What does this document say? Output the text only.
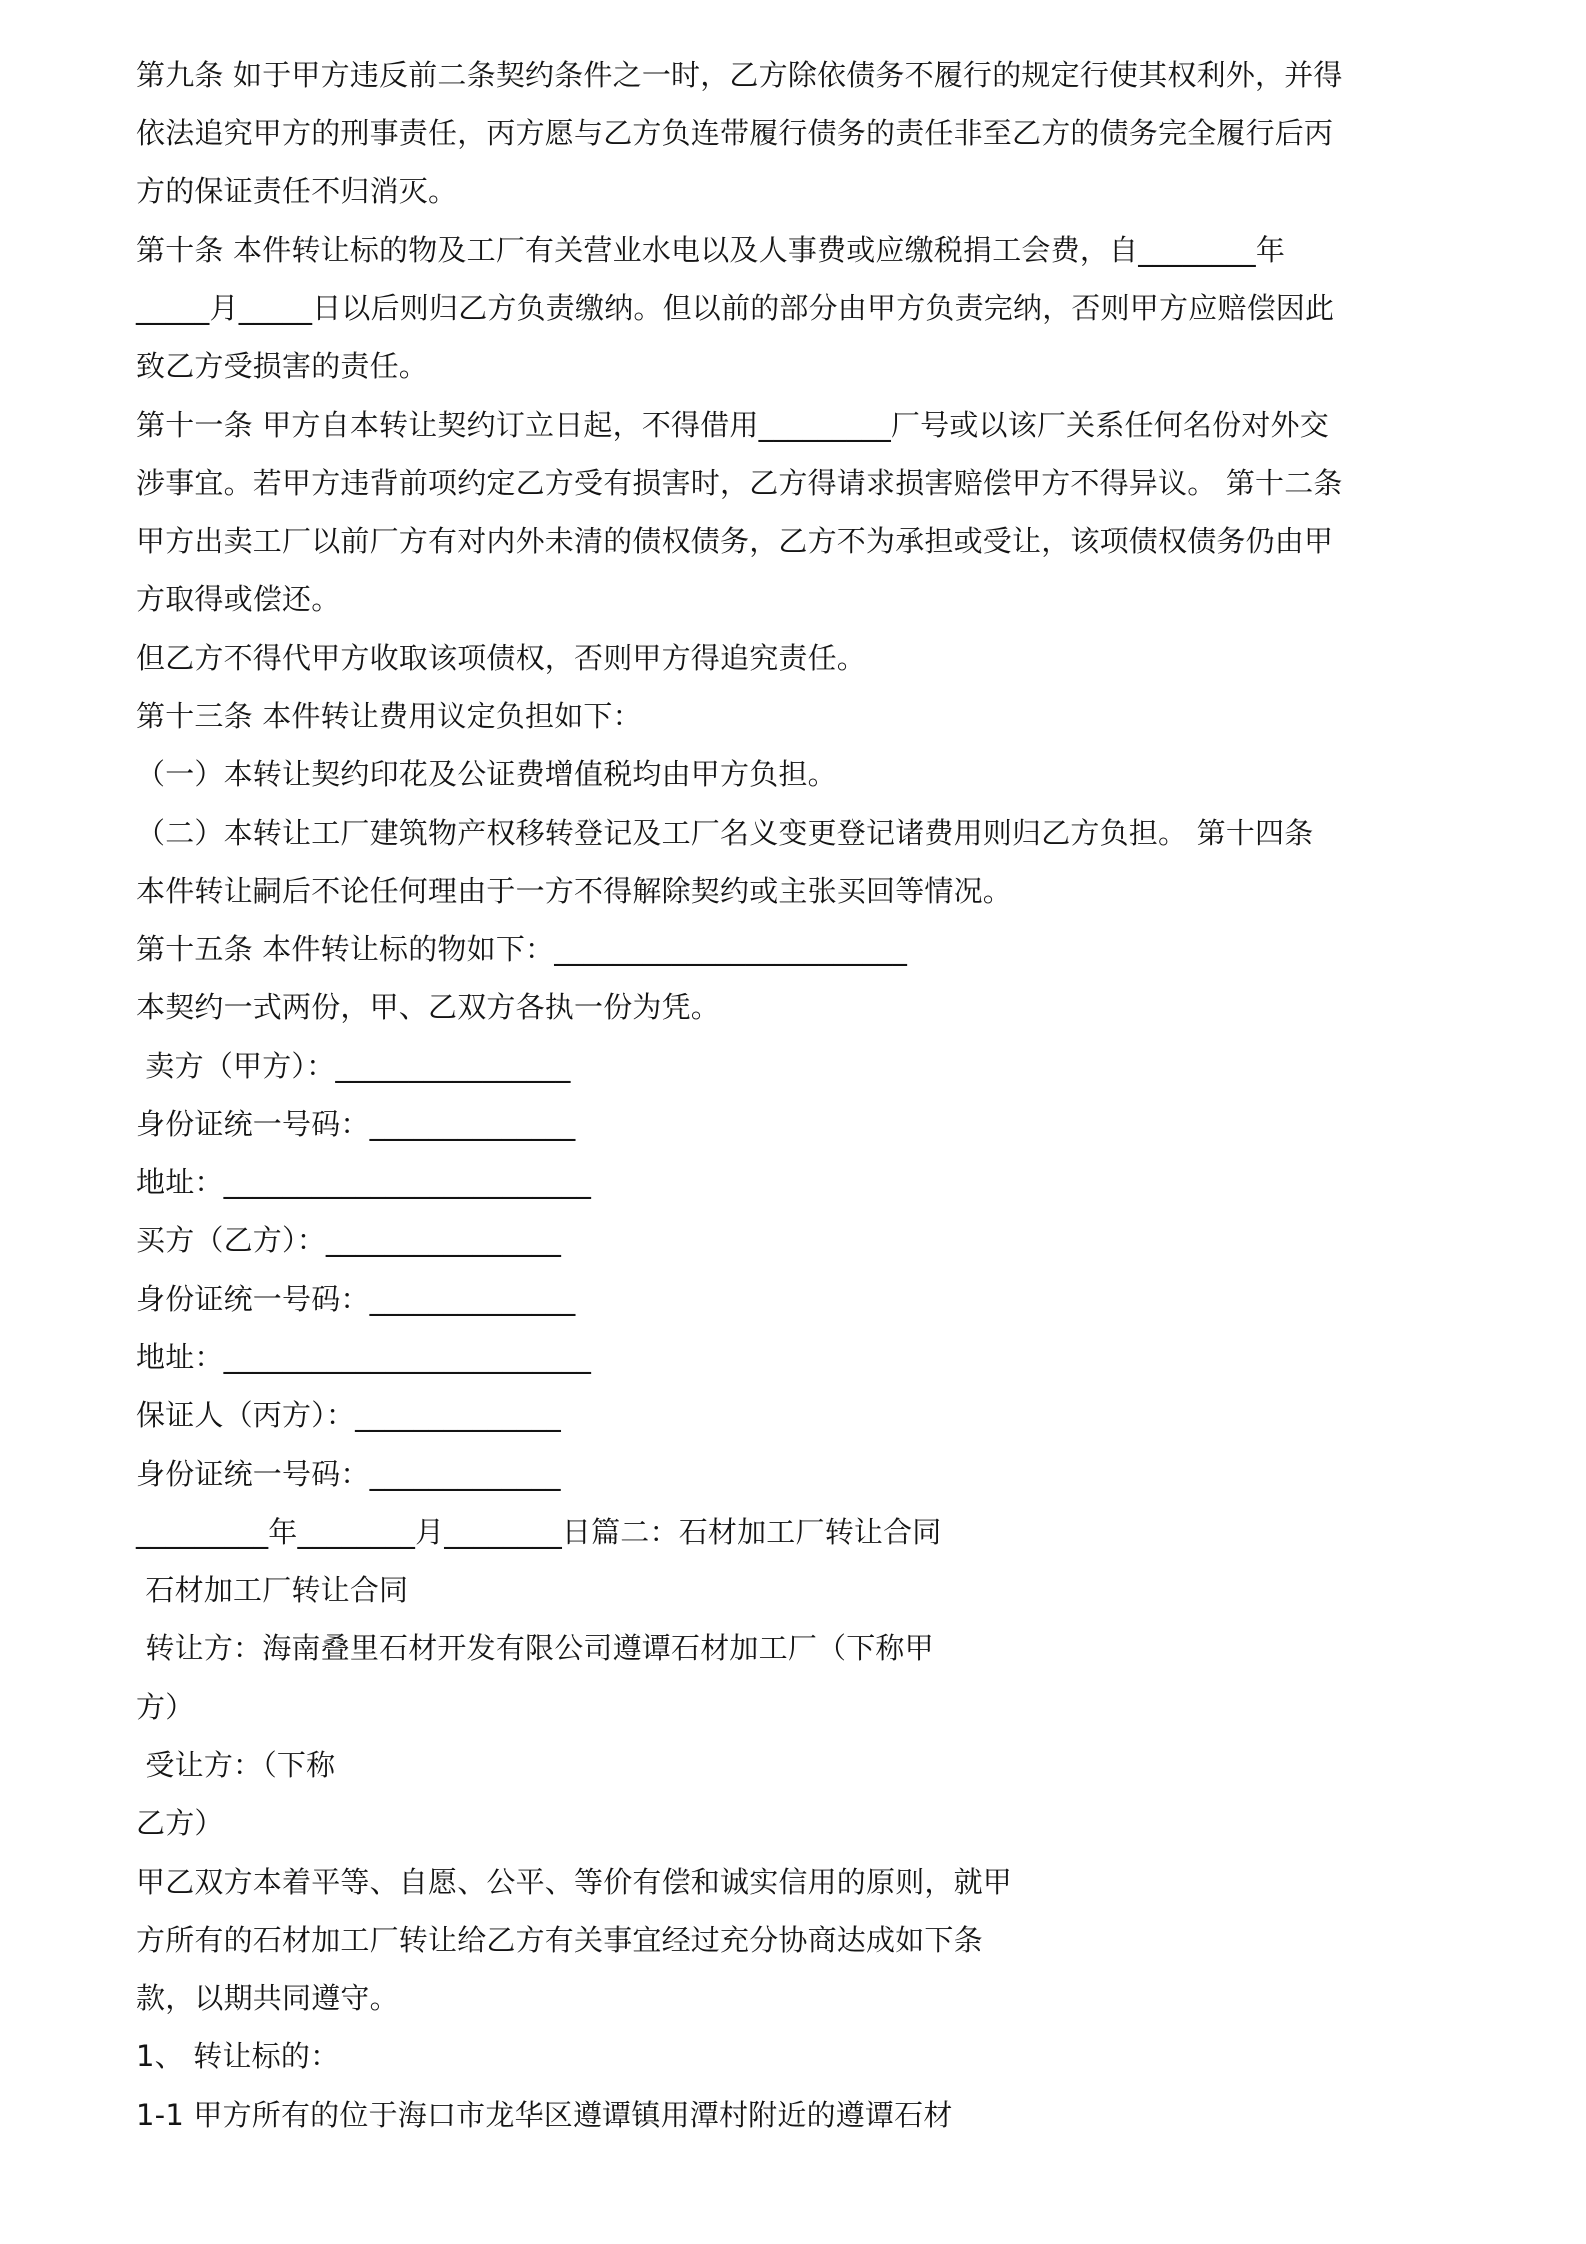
第九条 如于甲方违反前二条契约条件之一时，乙方除依债务不履行的规定行使其权利外，并得
依法追究甲方的刑事责任，丙方愿与乙方负连带履行债务的责任非至乙方的债务完全履行后丙
方的保证责任不归消灭。
第十条 本件转让标的物及工厂有关营业水电以及人事费或应缴税捐工会费，自________年
_____月_____日以后则归乙方负责缴纳。但以前的部分由甲方负责完纳，否则甲方应赔偿因此
致乙方受损害的责任。
第十一条 甲方自本转让契约订立日起，不得借用_________厂号或以该厂关系任何名份对外交
涉事宜。若甲方违背前项约定乙方受有损害时，乙方得请求损害赔偿甲方不得异议。 第十二条
甲方出卖工厂以前厂方有对内外未清的债权债务，乙方不为承担或受让，该项债权债务仍由甲
方取得或偿还。
但乙方不得代甲方收取该项债权，否则甲方得追究责任。
第十三条 本件转让费用议定负担如下：
（一）本转让契约印花及公证费增值税均由甲方负担。
（二）本转让工厂建筑物产权移转登记及工厂名义变更登记诸费用则归乙方负担。 第十四条
本件转让嗣后不论任何理由于一方不得解除契约或主张买回等情况。
第十五条 本件转让标的物如下：________________________
本契约一式两份，甲、乙双方各执一份为凭。
卖方（甲方）：________________
身份证统一号码：______________
地址：_________________________
买方（乙方）：________________
身份证统一号码：______________
地址：_________________________
保证人（丙方）：______________
身份证统一号码：_____________
_________年________月________日篇二：石材加工厂转让合同
石材加工厂转让合同
转让方：海南叠里石材开发有限公司遵谭石材加工厂（下称甲
方）
受让方：（下称
乙方）
甲乙双方本着平等、自愿、公平、等价有偿和诚实信用的原则，就甲
方所有的石材加工厂转让给乙方有关事宜经过充分协商达成如下条
款，以期共同遵守。
1、 转让标的：
1-1 甲方所有的位于海口市龙华区遵谭镇用潭村附近的遵谭石材
